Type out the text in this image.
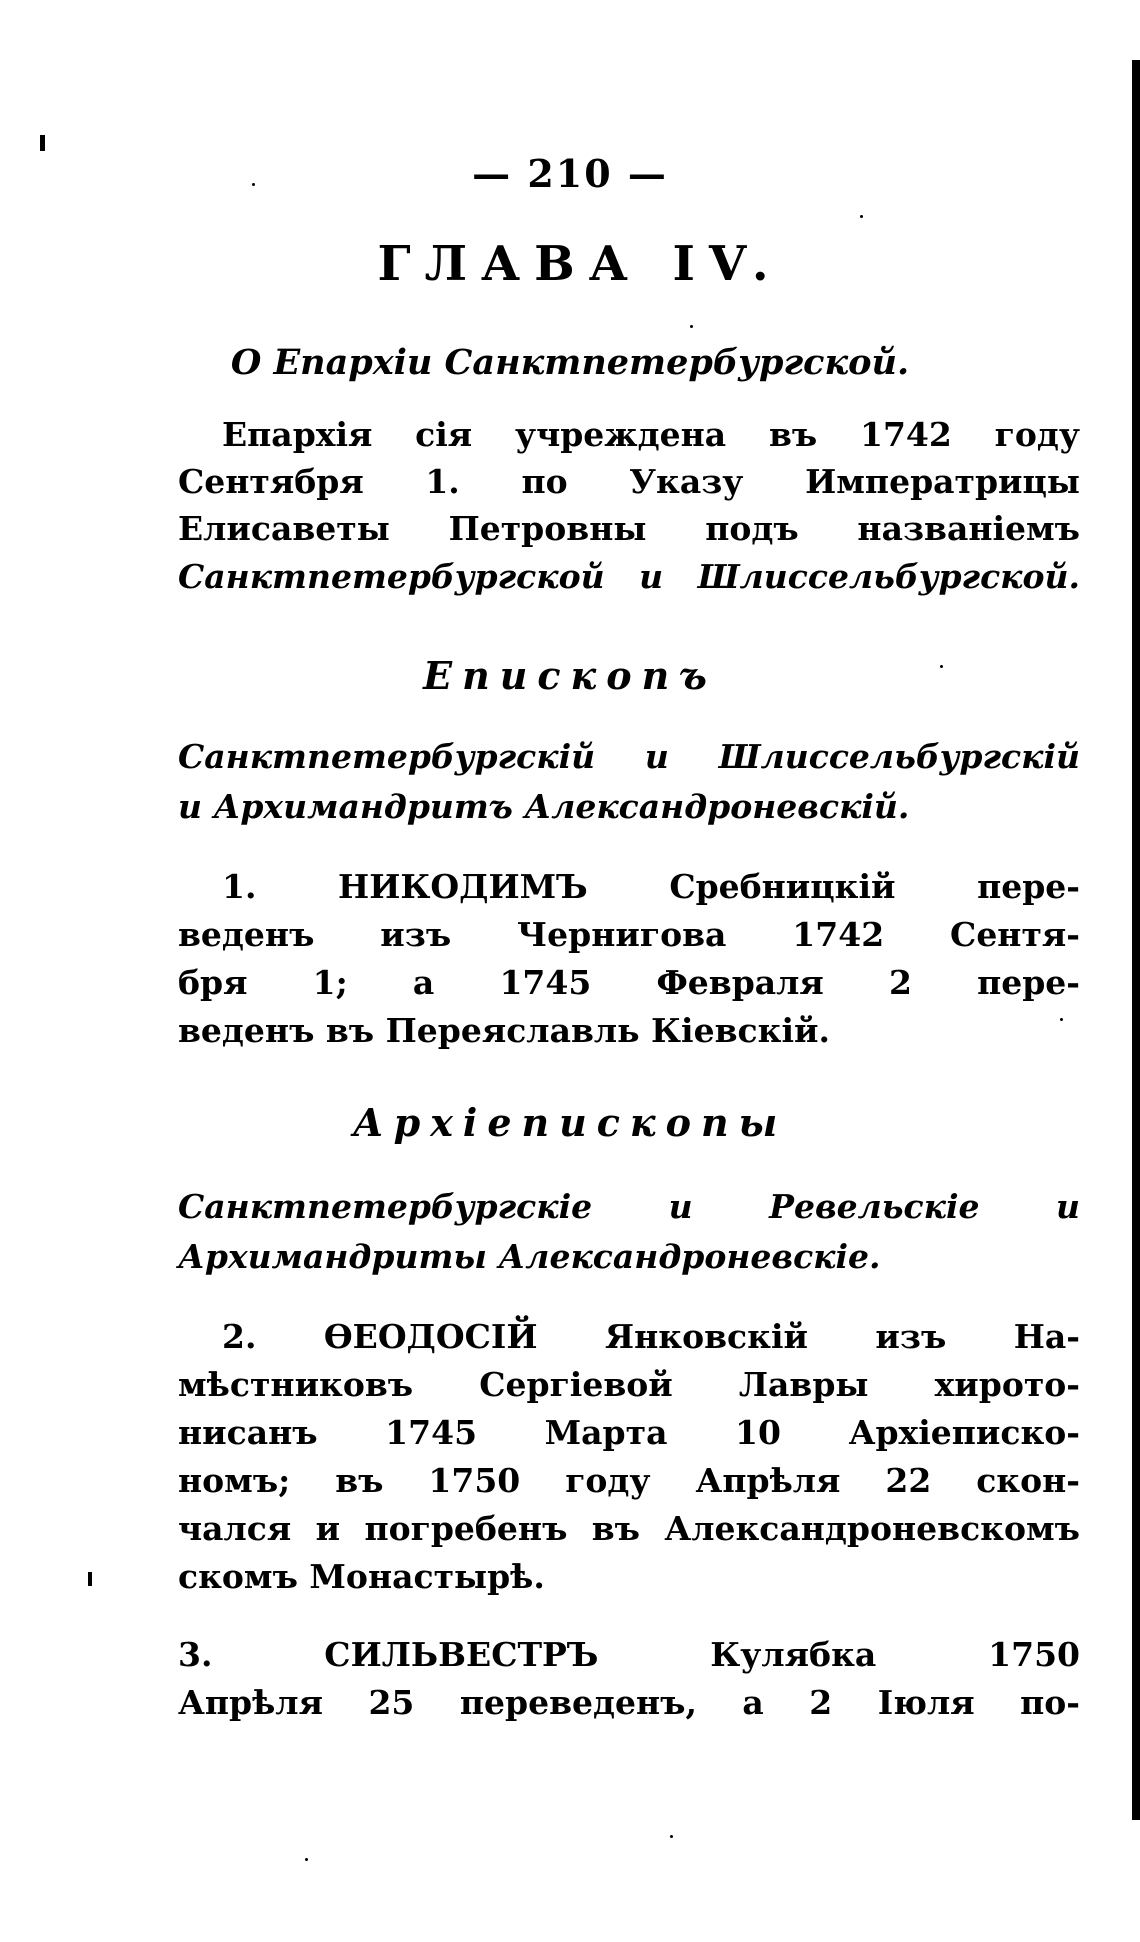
— 210 —
ГЛАВА IV.
О Епархіи Санктпетербургской.
Епархія сія учреждена въ 1742 году
Сентября 1. по Указу Императрицы
Елисаветы Петровны подъ названіемъ
Санктпетербургской и Шлиссельбургской.
Епископъ
Санктпетербургскій и Шлиссельбургскій
и Архимандритъ Александроневскій.
1. НИКОДИМЪ Сребницкій пере-
веденъ изъ Чернигова 1742 Сентя-
бря 1; а 1745 Февраля 2 пере-
веденъ въ Переяславль Кіевскій.
Архіепископы
Санктпетербургскіе и Ревельскіе и
Архимандриты Александроневскіе.
2. ѲЕОДОСІЙ Янковскій изъ На-
мѣстниковъ Сергіевой Лавры хирото-
нисанъ 1745 Марта 10 Архіеписко-
номъ; въ 1750 году Апрѣля 22 скон-
чался и погребенъ въ Александроневскомъ
скомъ Монастырѣ.
3. СИЛЬВЕСТРЪ Кулябка 1750
Апрѣля 25 переведенъ, а 2 Іюля по-
